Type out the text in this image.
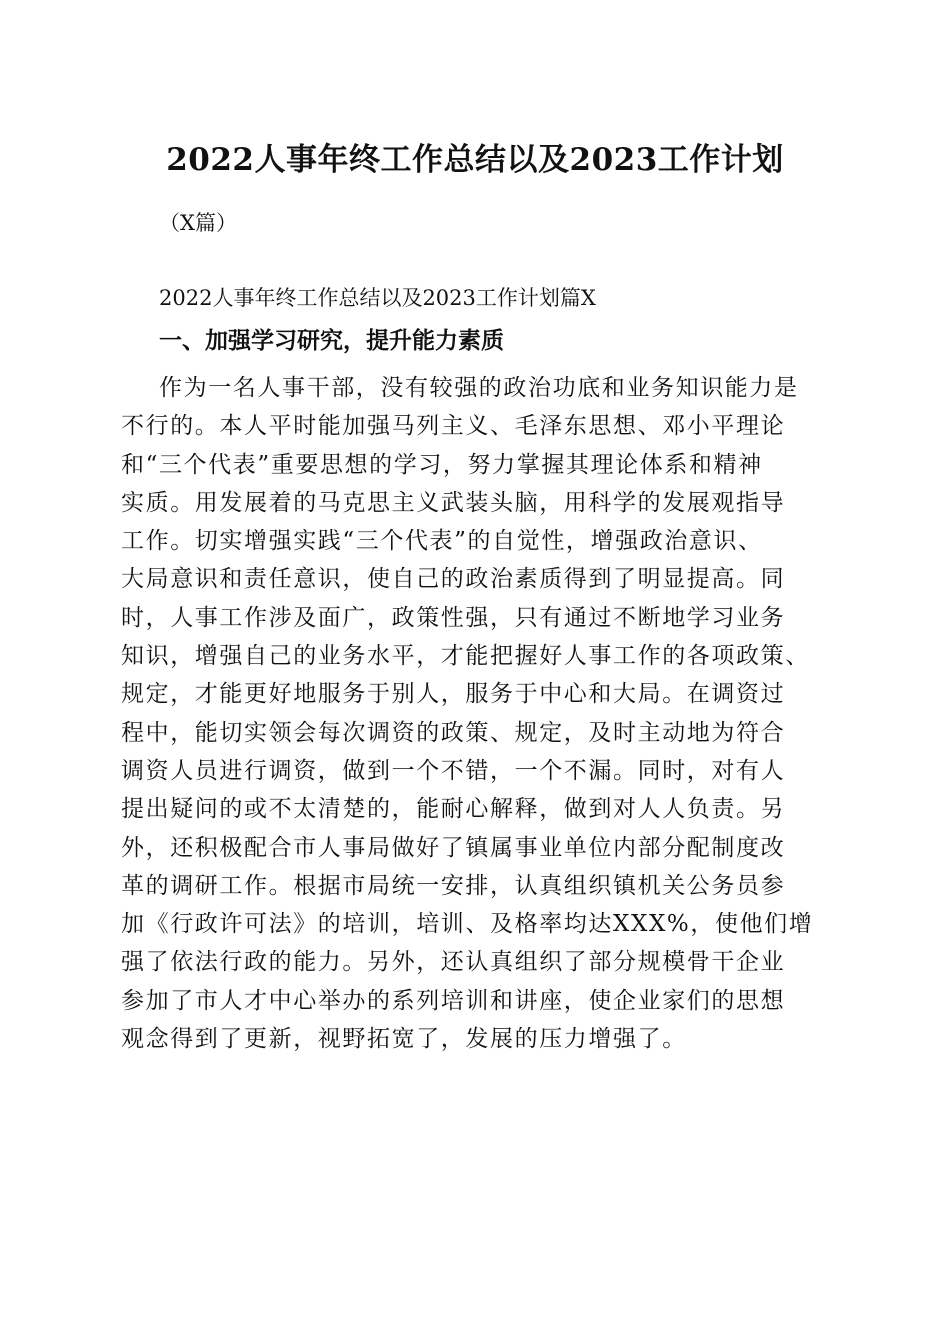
2022人事年终工作总结以及2023工作计划
（X篇）
2022人事年终工作总结以及2023工作计划篇X
一、加强学习研究，提升能力素质
作为一名人事干部，没有较强的政治功底和业务知识能力是
不行的。本人平时能加强马列主义、毛泽东思想、邓小平理论
和“三个代表”重要思想的学习，努力掌握其理论体系和精神
实质。用发展着的马克思主义武装头脑，用科学的发展观指导
工作。切实增强实践“三个代表”的自觉性，增强政治意识、
大局意识和责任意识，使自己的政治素质得到了明显提高。同
时，人事工作涉及面广，政策性强，只有通过不断地学习业务
知识，增强自己的业务水平，才能把握好人事工作的各项政策、
规定，才能更好地服务于别人，服务于中心和大局。在调资过
程中，能切实领会每次调资的政策、规定，及时主动地为符合
调资人员进行调资，做到一个不错，一个不漏。同时，对有人
提出疑问的或不太清楚的，能耐心解释，做到对人人负责。另
外，还积极配合市人事局做好了镇属事业单位内部分配制度改
革的调研工作。根据市局统一安排，认真组织镇机关公务员参
加《行政许可法》的培训，培训、及格率均达XXX%，使他们增
强了依法行政的能力。另外，还认真组织了部分规模骨干企业
参加了市人才中心举办的系列培训和讲座，使企业家们的思想
观念得到了更新，视野拓宽了，发展的压力增强了。
